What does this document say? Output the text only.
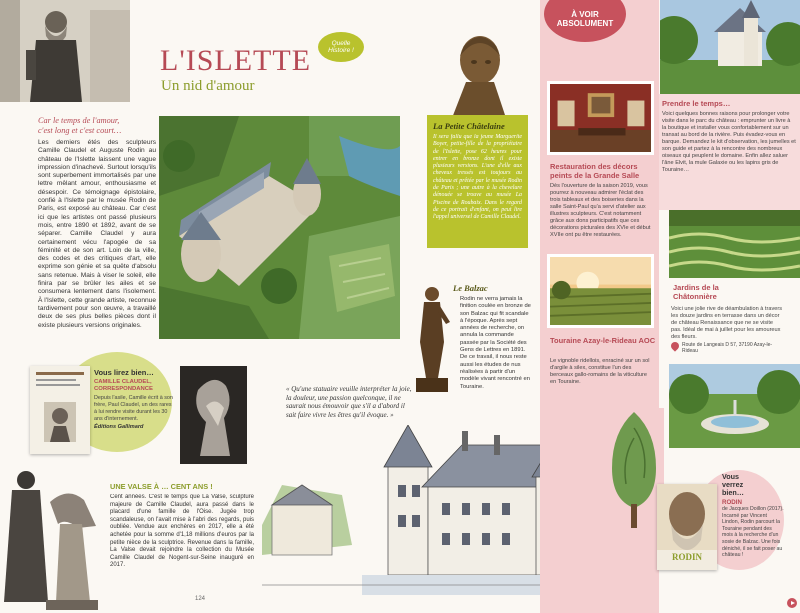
L'ISLETTE
Un nid d'amour
Quelle Histoire !
Car le temps de l'amour,
c'est long et c'est court…
Les derniers étés des sculpteurs Camille Claudel et Auguste Rodin au château de l'Islette laissent une vague impression d'inachevé. Surtout lorsqu'ils sont superbement immortalisés par une lettre mêlant amour, enthousiasme et désespoir. Ce témoignage épistolaire, confié à l'Islette par le musée Rodin de Paris, est exposé au château. Car c'est ici que les artistes ont passé plusieurs mois, entre 1890 et 1892, avant de se séparer. Camille Claudel y aura certainement vécu l'apogée de sa féminité et de son art. Loin de la ville, des codes et des critiques d'art, elle exprime son génie et sa quête d'absolu sans retenue. Mais à viser le soleil, elle finira par se brûler les ailes et se consumera lentement dans l'isolement. À l'Islette, cette grande artiste, reconnue tardivement pour son œuvre, a travaillé deux de ses plus belles pièces dont il existe plusieurs versions originales.
La Petite Châtelaine
Il sera fallu que la jeune Marguerite Boyer, petite-fille de la propriétaire de l'Islette, pose 62 heures pour entrer en bronze dont il existe plusieurs versions. L'une d'elle aux cheveux tressés est toujours au château et prêtée par le musée Rodin de Paris ; une autre à la chevelure dénouée se trouve au musée La Piscine de Roubaix. Dans le regard de ce portrait d'enfant, on peut lire l'appel universel de Camille Claudel.
Le Balzac
Rodin ne verra jamais la finition coulée en bronze de son Balzac qui fit scandale à l'époque. Après sept années de recherche, on annula la commande passée par la Société des Gens de Lettres en 1891. De ce travail, il nous reste aussi les études de nus réalisées à partir d'un modèle vivant rencontré en Touraine.
Vous lirez bien…
CAMILLE CLAUDEL, CORRESPONDANCE
Depuis l'asile, Camille écrit à son frère, Paul Claudel, un des rares à lui rendre visite durant les 30 ans d'internement.
Éditions Gallimard
« Qu'une statuaire veuille interpréter la joie, la douleur, une passion quelconque, il ne saurait nous émouvoir que s'il a d'abord il sait faire vivre les êtres qu'il évoque. »
UNE VALSE À … CENT ANS !
Cent années. C'est le temps que La Valse, sculpture majeure de Camille Claudel, aura passé dans le placard d'une famille de l'Oise. Jugée trop scandaleuse, on l'avait mise à l'abri des regards, puis oubliée. Vendue aux enchères en 2017, elle a été achetée pour la somme d'1,18 millions d'euros par la petite nièce de la sculptrice. Revenue dans la famille, La Valse devait rejoindre la collection du Musée Camille Claudel de Nogent-sur-Seine inauguré en 2017.
124
À VOIR ABSOLUMENT
Restauration des décors peints de la Grande Salle
Dès l'ouverture de la saison 2019, vous pourrez à nouveau admirer l'éclat des trois tableaux et des boiseries dans la salle Saint-Paul qu'a servi d'atelier aux illustres sculpteurs. C'est notamment grâce aux dons participatifs que ces décorations picturales des XVIe et début XVIIe ont pu être restaurées.
Prendre le temps…
Voici quelques bonnes raisons pour prolonger votre visite dans le parc du château : emprunter un livre à la boutique et installer vous confortablement sur un transat au bord de la rivière. Puis évadez-vous en barque. Demandez le kit d'observation, les jumelles et son guide et partez à la rencontre des nombreux oiseaux qui peuplent le domaine. Enfin allez saluer l'âne Elvit, la mule Galaxie ou les lapins gris de Touraine…
Touraine Azay-le-Rideau AOC
Le vignoble ridellois, enraciné sur un sol d'argile à silex, constitue l'un des berceaux gallo-romains de la viticulture en Touraine.
Jardins de la Châtonnière
Voici une jolie rive de déambulation à travers les douze jardins en terrasse dans un décor de château Renaissance que ne se visite pas. Idéal de mai à juillet pour les amoureux des fleurs.
Route de Langeais D 57, 37190 Azay-le-Rideau
RODIN
Vous verrez bien…
RODIN
de Jacques Doillon (2017). Incarné par Vincent Lindon, Rodin parcourt la Touraine pendant des mois à la recherche d'un sosie de Balzac. Une fois déniché, il se fait poser au château !
